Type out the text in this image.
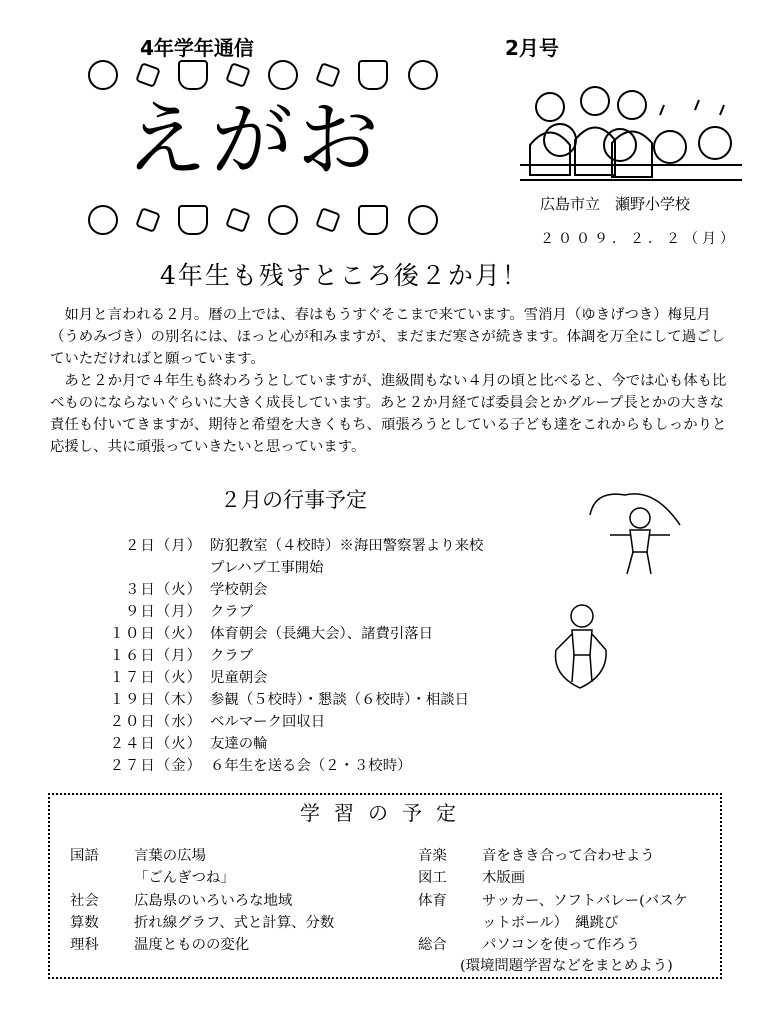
4年学年通信	2月号
えがお
広島市立　瀬野小学校
２００９．２．２（月）
4年生も残すところ後２か月！
如月と言われる２月。暦の上では、春はもうすぐそこまで来ています。雪消月（ゆきげつき）梅見月（うめみづき）の別名には、ほっと心が和みますが、まだまだ寒さが続きます。体調を万全にして過ごしていただければと願っています。
あと２か月で４年生も終わろうとしていますが、進級間もない４月の頃と比べると、今では心も体も比べものにならないぐらいに大きく成長しています。あと２か月経てば委員会とかグループ長とかの大きな責任も付いてきますが、期待と希望を大きくもち、頑張ろうとしている子ども達をこれからもしっかりと応援し、共に頑張っていきたいと思っています。
２月の行事予定
２日（月） 防犯教室（４校時）※海田警察署より来校
プレハブ工事開始
３日（火） 学校朝会
９日（月） クラブ
１０日（火） 体育朝会（長縄大会）、諸費引落日
１６日（月） クラブ
１７日（火） 児童朝会
１９日（木） 参観（５校時）・懇談（６校時）・相談日
２０日（水） ベルマーク回収日
２４日（火） 友達の輪
２７日（金） ６年生を送る会（２・３校時）
学習の予定
国語	言葉の広場
「ごんぎつね」
社会	広島県のいろいろな地域
算数	折れ線グラフ、式と計算、分数
理科	温度とものの変化
音楽	音をきき合って合わせよう
図工	木版画
体育	サッカー、ソフトバレー(バスケ
ットボール）　縄跳び
総合	パソコンを使って作ろう
(環境問題学習などをまとめよう)
